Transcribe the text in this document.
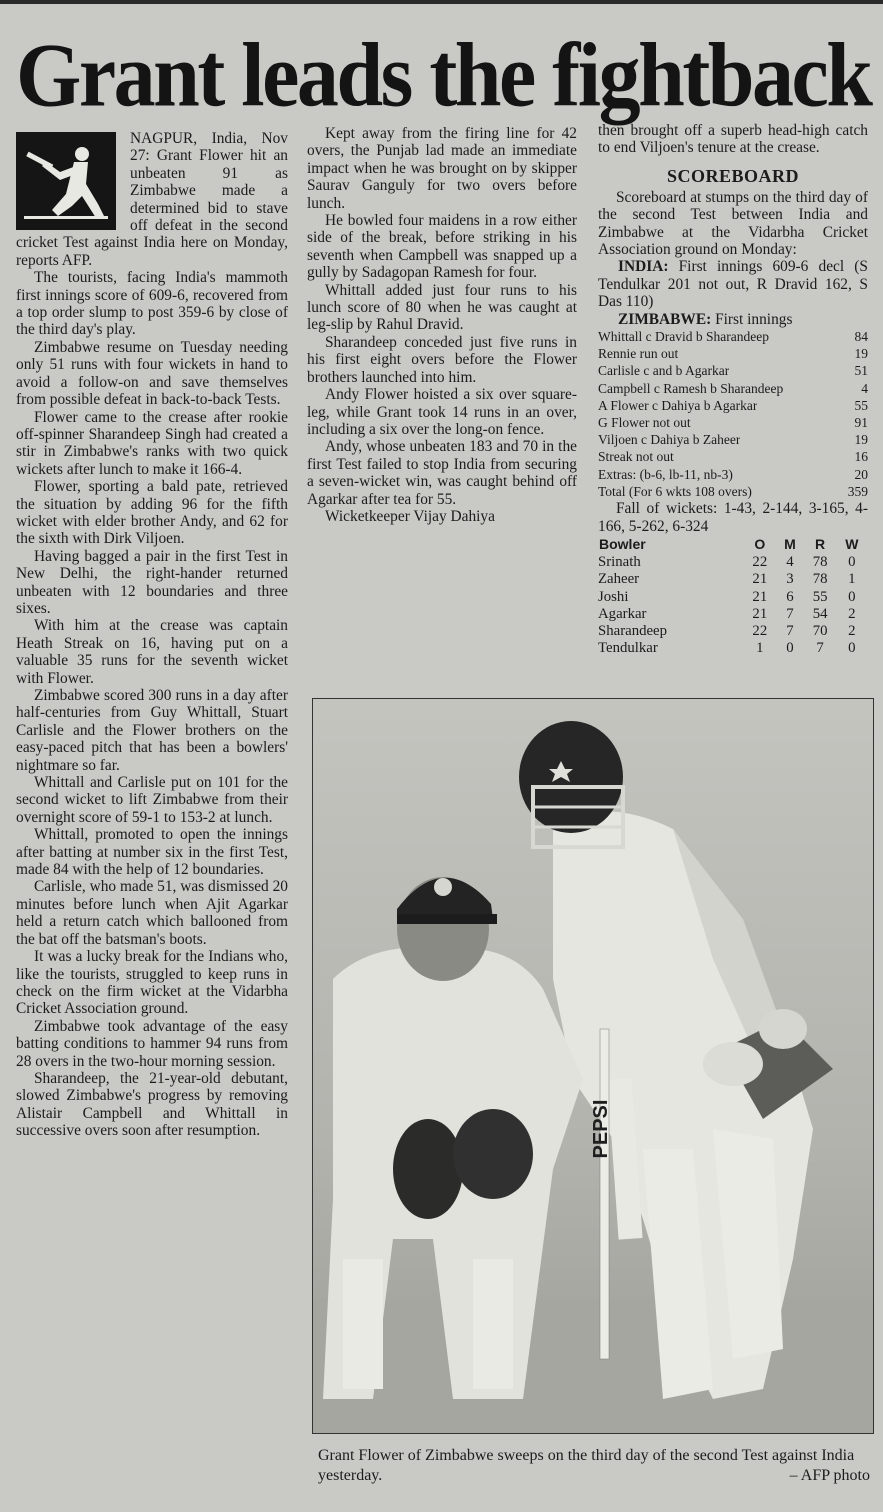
Grant leads the fightback

NAGPUR, India, Nov 27: Grant Flower hit an unbeaten 91 as Zimbabwe made a determined bid to stave off defeat in the second cricket Test against India here on Monday, reports AFP.

The tourists, facing India's mammoth first innings score of 609-6, recovered from a top order slump to post 359-6 by close of the third day's play.

Zimbabwe resume on Tuesday needing only 51 runs with four wickets in hand to avoid a follow-on and save themselves from possible defeat in back-to-back Tests.

Flower came to the crease after rookie off-spinner Sharandeep Singh had created a stir in Zimbabwe's ranks with two quick wickets after lunch to make it 166-4.

Flower, sporting a bald pate, retrieved the situation by adding 96 for the fifth wicket with elder brother Andy, and 62 for the sixth with Dirk Viljoen.

Having bagged a pair in the first Test in New Delhi, the right-hander returned unbeaten with 12 boundaries and three sixes.

With him at the crease was captain Heath Streak on 16, having put on a valuable 35 runs for the seventh wicket with Flower.

Zimbabwe scored 300 runs in a day after half-centuries from Guy Whittall, Stuart Carlisle and the Flower brothers on the easy-paced pitch that has been a bowlers' nightmare so far.

Whittall and Carlisle put on 101 for the second wicket to lift Zimbabwe from their overnight score of 59-1 to 153-2 at lunch.

Whittall, promoted to open the innings after batting at number six in the first Test, made 84 with the help of 12 boundaries.

Carlisle, who made 51, was dismissed 20 minutes before lunch when Ajit Agarkar held a return catch which ballooned from the bat off the batsman's boots.

It was a lucky break for the Indians who, like the tourists, struggled to keep runs in check on the firm wicket at the Vidarbha Cricket Association ground.

Zimbabwe took advantage of the easy batting conditions to hammer 94 runs from 28 overs in the two-hour morning session.

Sharandeep, the 21-year-old debutant, slowed Zimbabwe's progress by removing Alistair Campbell and Whittall in successive overs soon after resumption.

Kept away from the firing line for 42 overs, the Punjab lad made an immediate impact when he was brought on by skipper Saurav Ganguly for two overs before lunch.

He bowled four maidens in a row either side of the break, before striking in his seventh when Campbell was snapped up a gully by Sadagopan Ramesh for four.

Whittall added just four runs to his lunch score of 80 when he was caught at leg-slip by Rahul Dravid.

Sharandeep conceded just five runs in his first eight overs before the Flower brothers launched into him.

Andy Flower hoisted a six over square-leg, while Grant took 14 runs in an over, including a six over the long-on fence.

Andy, whose unbeaten 183 and 70 in the first Test failed to stop India from securing a seven-wicket win, was caught behind off Agarkar after tea for 55.

Wicketkeeper Vijay Dahiya

then brought off a superb head-high catch to end Viljoen's tenure at the crease.

SCOREBOARD

Scoreboard at stumps on the third day of the second Test between India and Zimbabwe at the Vidarbha Cricket Association ground on Monday:

INDIA: First innings 609-6 decl (S Tendulkar 201 not out, R Dravid 162, S Das 110)

ZIMBABWE: First innings

Whittall c Dravid b Sharandeep	84
Rennie run out	19
Carlisle c and b Agarkar	51
Campbell c Ramesh b Sharandeep	4
A Flower c Dahiya b Agarkar	55
G Flower not out	91
Viljoen c Dahiya b Zaheer	19
Streak not out	16
Extras: (b-6, lb-11, nb-3)	20
Total (For 6 wkts 108 overs)	359

Fall of wickets: 1-43, 2-144, 3-165, 4-166, 5-262, 6-324

Bowler	O	M	R	W
Srinath	22	4	78	0
Zaheer	21	3	78	1
Joshi	21	6	55	0
Agarkar	21	7	54	2
Sharandeep	22	7	70	2
Tendulkar	1	0	7	0
PEPSI
Grant Flower of Zimbabwe sweeps on the third day of the second Test against India yesterday.	– AFP photo
